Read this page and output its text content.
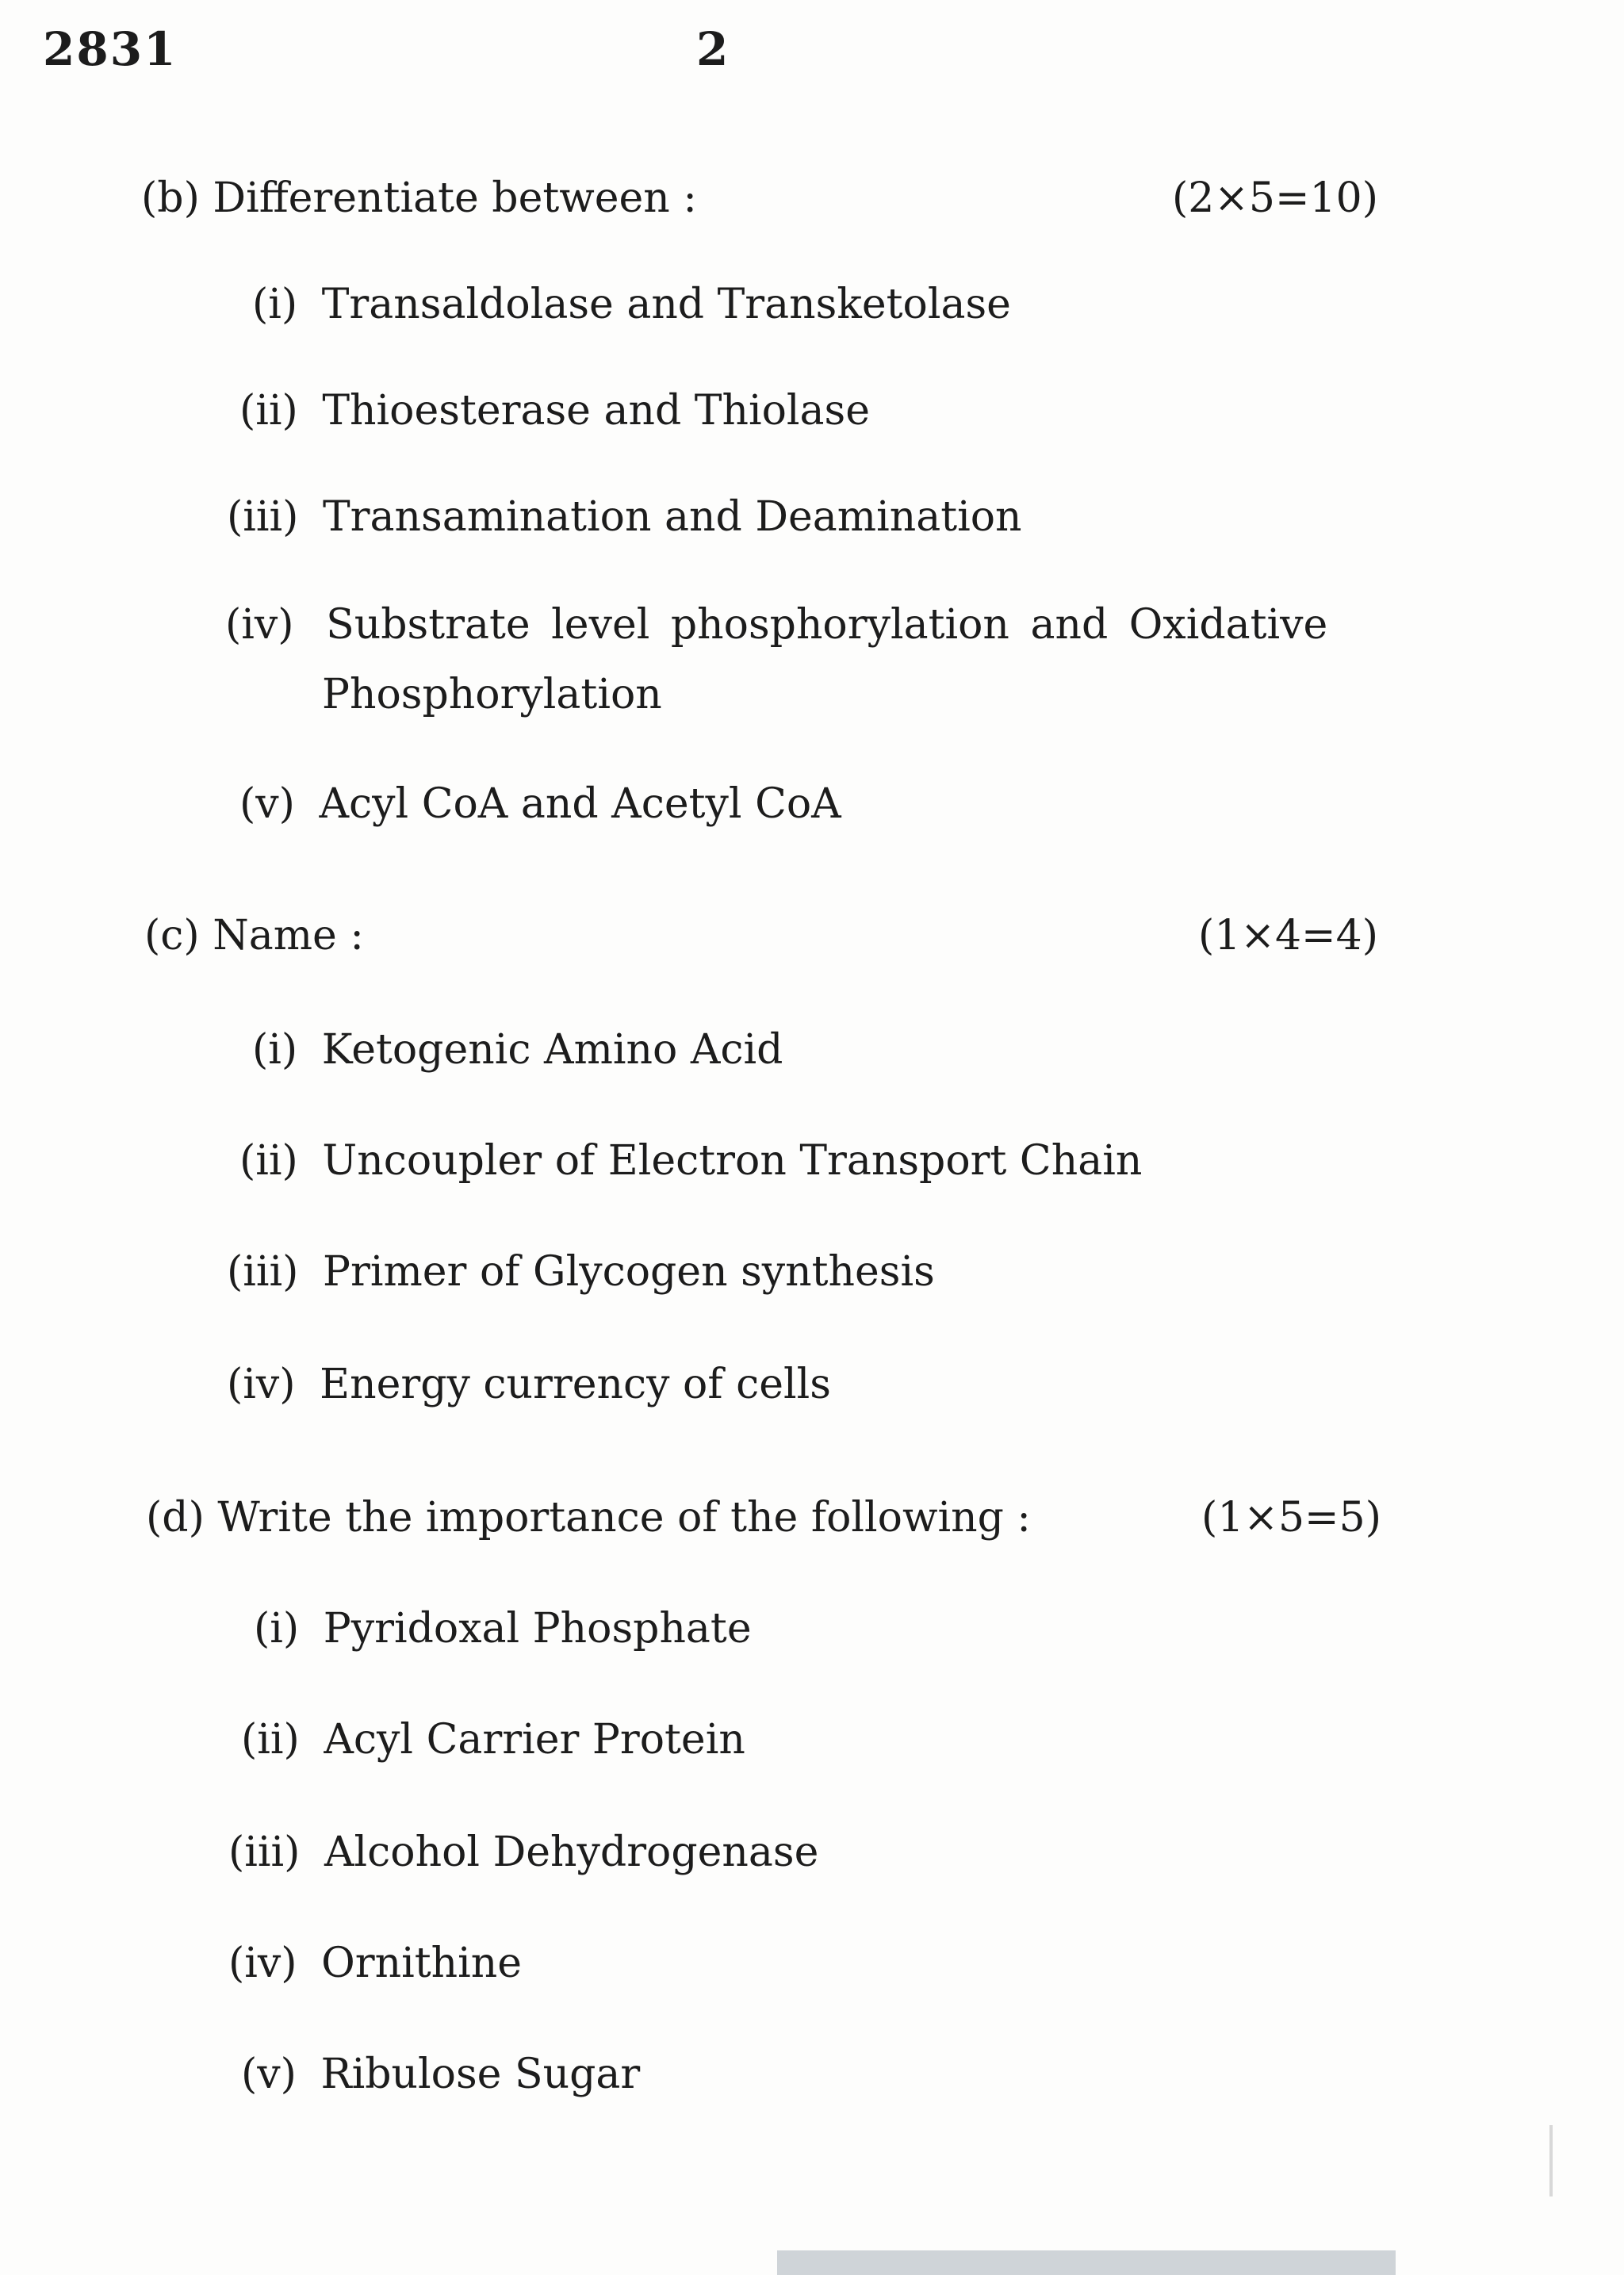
2831	2
(b) Differentiate between :	(2×5=10)
(i) Transaldolase and Transketolase
(ii) Thioesterase and Thiolase
(iii) Transamination and Deamination
(iv) Substrate level phosphorylation and Oxidative
Phosphorylation
(v) Acyl CoA and Acetyl CoA
(c) Name :	(1×4=4)
(i) Ketogenic Amino Acid
(ii) Uncoupler of Electron Transport Chain
(iii) Primer of Glycogen synthesis
(iv) Energy currency of cells
(d) Write the importance of the following :	(1×5=5)
(i) Pyridoxal Phosphate
(ii) Acyl Carrier Protein
(iii) Alcohol Dehydrogenase
(iv) Ornithine
(v) Ribulose Sugar
